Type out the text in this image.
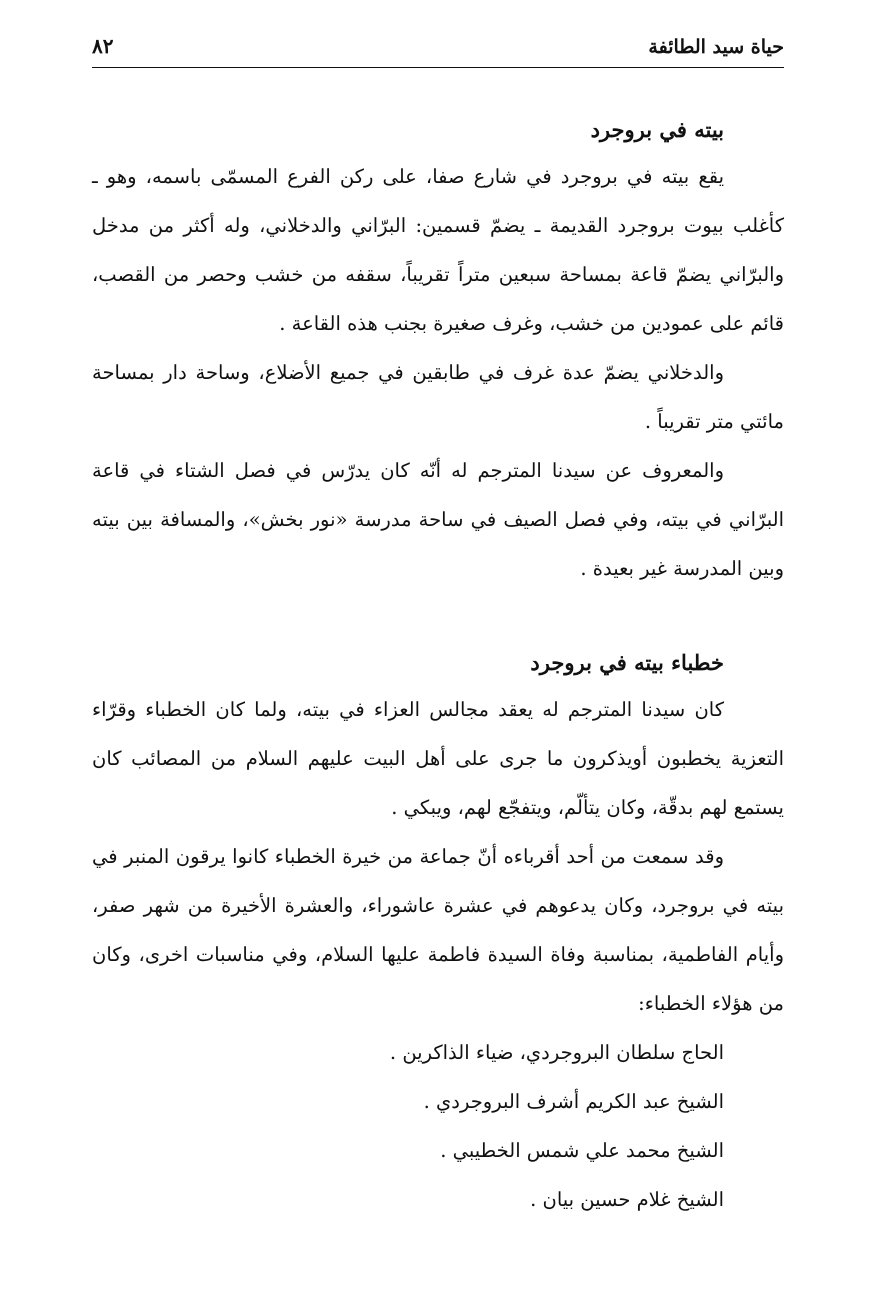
حياة سيد الطائفة
٨٢
بيته في بروجرد

يقع بيته في بروجرد في شارع صفا، على ركن الفرع المسمّى باسمه، وهو ـ كأغلب بيوت بروجرد القديمة ـ يضمّ قسمين: البرّاني والدخلاني، وله أكثر من مدخل والبرّاني يضمّ قاعة بمساحة سبعين متراً تقريباً، سقفه من خشب وحصر من القصب، قائم على عمودين من خشب، وغرف صغيرة بجنب هذه القاعة .

والدخلاني يضمّ عدة غرف في طابقين في جميع الأضلاع، وساحة دار بمساحة مائتي متر تقريباً .

والمعروف عن سيدنا المترجم له أنّه كان يدرّس في فصل الشتاء في قاعة البرّاني في بيته، وفي فصل الصيف في ساحة مدرسة «نور بخش»، والمسافة بين بيته وبين المدرسة غير بعيدة .

خطباء بيته في بروجرد

كان سيدنا المترجم له يعقد مجالس العزاء في بيته، ولما كان الخطباء وقرّاء التعزية يخطبون أويذكرون ما جرى على أهل البيت عليهم السلام من المصائب كان يستمع لهم بدقّة، وكان يتألّم، ويتفجّع لهم، ويبكي .

وقد سمعت من أحد أقرباءه أنّ جماعة من خيرة الخطباء كانوا يرقون المنبر في بيته في بروجرد، وكان يدعوهم في عشرة عاشوراء، والعشرة الأخيرة من شهر صفر، وأيام الفاطمية، بمناسبة وفاة السيدة فاطمة عليها السلام، وفي مناسبات اخرى، وكان من هؤلاء الخطباء:

الحاج سلطان البروجردي، ضياء الذاكرين .
الشيخ عبد الكريم أشرف البروجردي .
الشيخ محمد علي شمس الخطيبي .
الشيخ غلام حسين بيان .
